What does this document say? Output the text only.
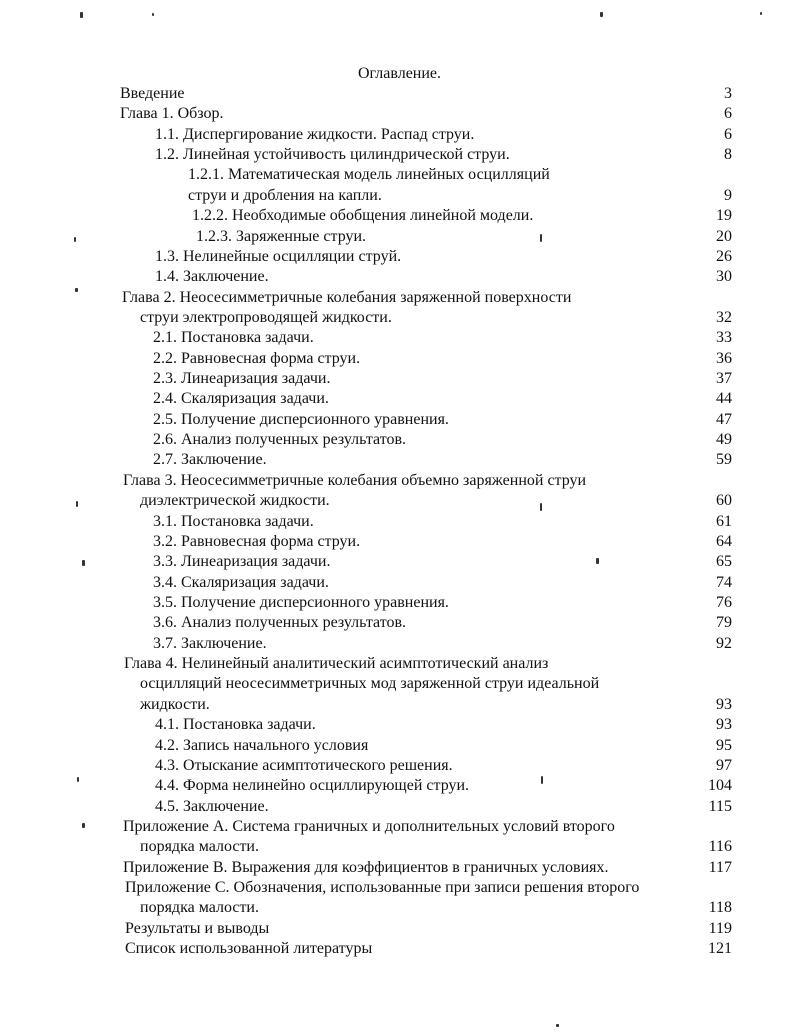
Оглавление.
Введение	3
Глава 1. Обзор.	6
1.1. Диспергирование жидкости. Распад струи.	6
1.2. Линейная устойчивость цилиндрической струи.	8
1.2.1. Математическая модель линейных осцилляций
струи и дробления на капли.	9
1.2.2. Необходимые обобщения линейной модели.	19
1.2.3. Заряженные струи.	20
1.3. Нелинейные осцилляции струй.	26
1.4. Заключение.	30
Глава 2. Неосесимметричные колебания заряженной поверхности
струи электропроводящей жидкости.	32
2.1. Постановка задачи.	33
2.2. Равновесная форма струи.	36
2.3. Линеаризация задачи.	37
2.4. Скаляризация задачи.	44
2.5. Получение дисперсионного уравнения.	47
2.6. Анализ полученных результатов.	49
2.7. Заключение.	59
Глава 3. Неосесимметричные колебания объемно заряженной струи
диэлектрической жидкости.	60
3.1. Постановка задачи.	61
3.2. Равновесная форма струи.	64
3.3. Линеаризация задачи.	65
3.4. Скаляризация задачи.	74
3.5. Получение дисперсионного уравнения.	76
3.6. Анализ полученных результатов.	79
3.7. Заключение.	92
Глава 4. Нелинейный аналитический асимптотический анализ
осцилляций неосесимметричных мод заряженной струи идеальной
жидкости.	93
4.1. Постановка задачи.	93
4.2. Запись начального условия	95
4.3. Отыскание асимптотического решения.	97
4.4. Форма нелинейно осциллирующей струи.	104
4.5. Заключение.	115
Приложение А. Система граничных и дополнительных условий второго
порядка малости.	116
Приложение В. Выражения для коэффициентов в граничных условиях.	117
Приложение С. Обозначения, использованные при записи решения второго
порядка малости.	118
Результаты и выводы	119
Список использованной литературы	121
